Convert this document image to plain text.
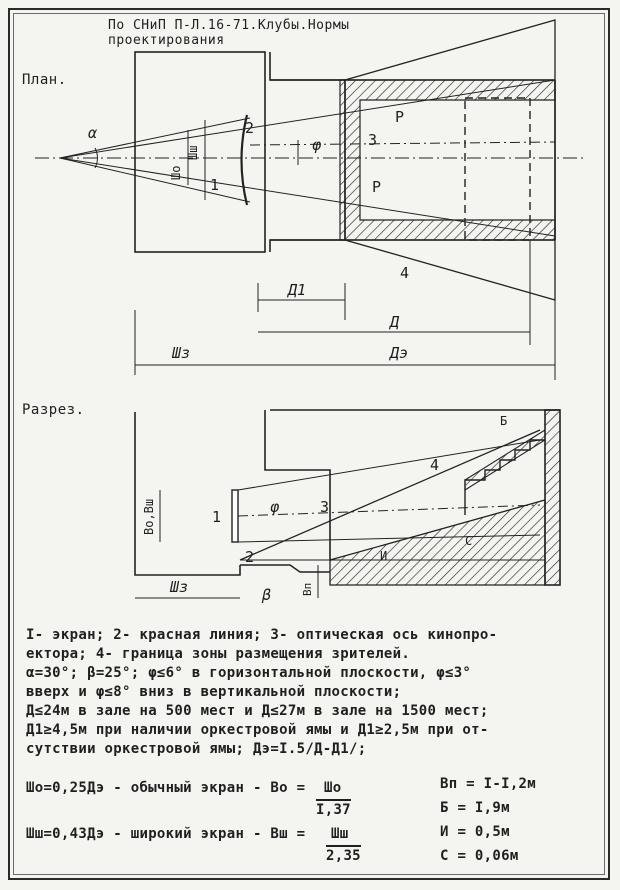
По СНиП П-Л.16-71.Клубы.Нормы
проектирования
План.
Разрез.
α
Шо
Шш	φ
2
1
3
4
Р
Р
Д1
Д
Шз	Дэ
Во,Вш	1
φ	3
4
2
β	Вп
И
С
Б
Шз
I- экран; 2- красная линия; 3- оптическая ось кинопро-
ектора; 4- граница зоны размещения зрителей.
α=30°; β=25°; φ≤6° в горизонтальной плоскости, φ≤3°
вверх и φ≤8° вниз в вертикальной плоскости;
Д≤24м в зале на 500 мест и Д≤27м в зале на 1500 мест;
Д1≥4,5м при наличии оркестровой ямы и Д1≥2,5м при от-
сутствии оркестровой ямы; Дэ=I.5/Д-Д1/;
Шо=0,25Дэ - обычный экран - Во = Шо
I,37
Шш=0,43Дэ - широкий экран - Вш = Шш
2,35
Вп = I-I,2м
Б = I,9м
И = 0,5м
С = 0,06м
